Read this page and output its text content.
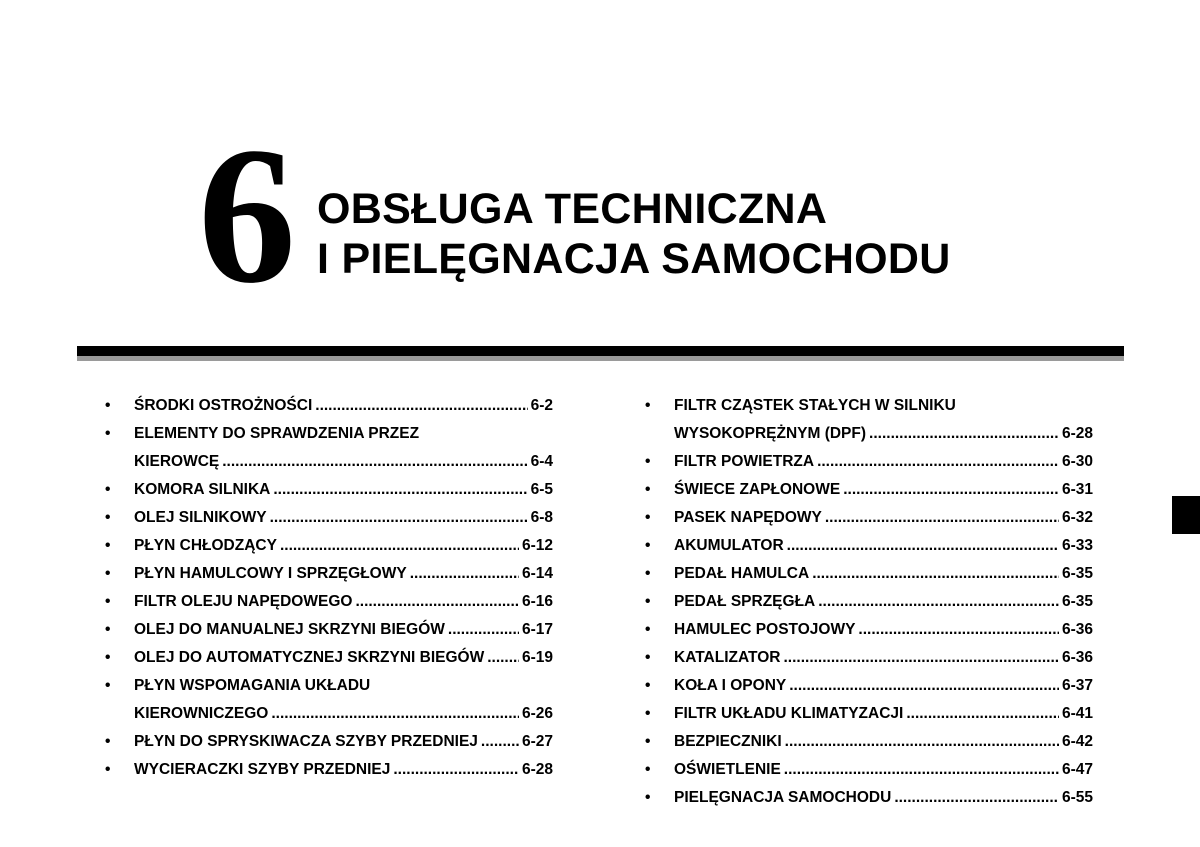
6 OBSŁUGA TECHNICZNA
I PIELĘGNACJA SAMOCHODU
• ŚRODKI OSTROŻNOŚCI .....	6-2
• ELEMENTY DO SPRAWDZENIA PRZEZ
KIEROWCĘ .....	6-4
• KOMORA SILNIKA .....	6-5
• OLEJ SILNIKOWY .....	6-8
• PŁYN CHŁODZĄCY .....	6-12
• PŁYN HAMULCOWY I SPRZĘGŁOWY .....	6-14
• FILTR OLEJU NAPĘDOWEGO .....	6-16
• OLEJ DO MANUALNEJ SKRZYNI BIEGÓW .....	6-17
• OLEJ DO AUTOMATYCZNEJ SKRZYNI BIEGÓW ..... 6-19
• PŁYN WSPOMAGANIA UKŁADU
KIEROWNICZEGO .....	6-26
• PŁYN DO SPRYSKIWACZA SZYBY PRZEDNIEJ .....	6-27
• WYCIERACZKI SZYBY PRZEDNIEJ .....	6-28
• FILTR CZĄSTEK STAŁYCH W SILNIKU
WYSOKOPRĘŻNYM (DPF) .....	6-28
• FILTR POWIETRZA .....	6-30
• ŚWIECE ZAPŁONOWE .....	6-31
• PASEK NAPĘDOWY .....	6-32
• AKUMULATOR .....	6-33
• PEDAŁ HAMULCA .....	6-35
• PEDAŁ SPRZĘGŁA .....	6-35
• HAMULEC POSTOJOWY .....	6-36
• KATALIZATOR .....	6-36
• KOŁA I OPONY .....	6-37
• FILTR UKŁADU KLIMATYZACJI .....	6-41
• BEZPIECZNIKI .....	6-42
• OŚWIETLENIE .....	6-47
• PIELĘGNACJA SAMOCHODU .....	6-55
